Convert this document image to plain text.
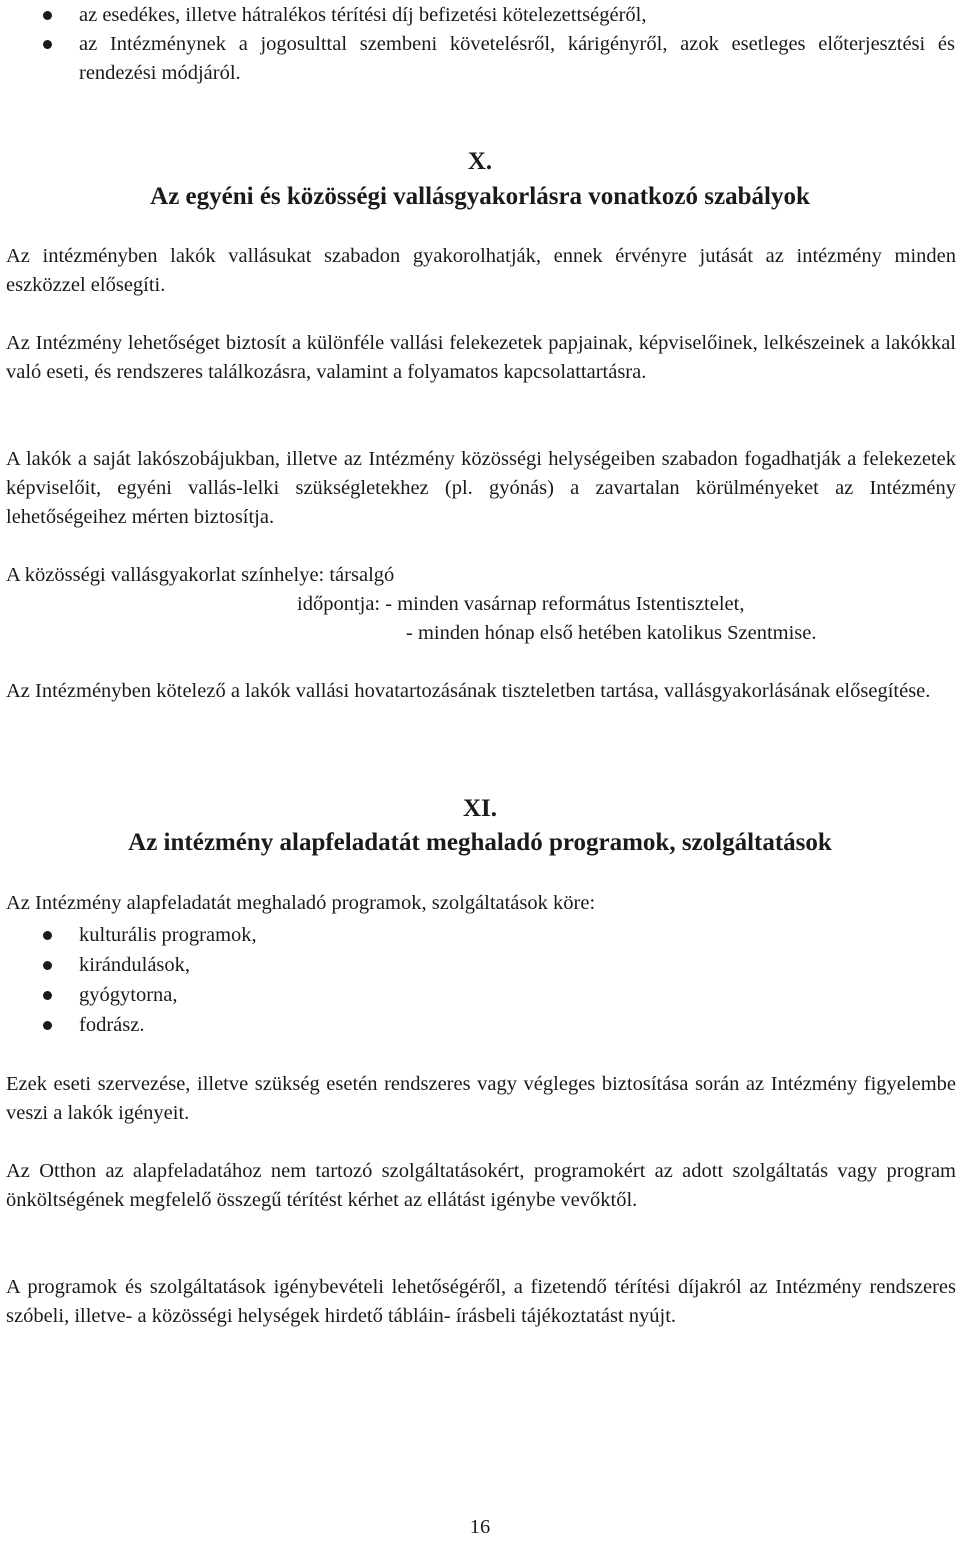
az esedékes, illetve hátralékos térítési díj befizetési kötelezettségéről,
az Intézménynek a jogosulttal szembeni követelésről, kárigényről, azok esetleges előterjesztési és rendezési módjáról.
X.
Az egyéni és közösségi vallásgyakorlásra vonatkozó szabályok

Az intézményben lakók vallásukat szabadon gyakorolhatják, ennek érvényre jutását az intézmény minden eszközzel elősegíti.

Az Intézmény lehetőséget biztosít a különféle vallási felekezetek papjainak, képviselőinek, lelkészeinek a lakókkal való eseti, és rendszeres találkozásra, valamint a folyamatos kapcsolattartásra.

A lakók a saját lakószobájukban, illetve az Intézmény közösségi helységeiben szabadon fogadhatják a felekezetek képviselőit, egyéni vallás-lelki szükségletekhez (pl. gyónás) a zavartalan körülményeket az Intézmény lehetőségeihez mérten biztosítja.

A közösségi vallásgyakorlat színhelye: társalgó
időpontja: - minden vasárnap református Istentisztelet,
- minden hónap első hetében katolikus Szentmise.

Az Intézményben kötelező a lakók vallási hovatartozásának tiszteletben tartása, vallásgyakorlásának elősegítése.

XI.
Az intézmény alapfeladatát meghaladó programok, szolgáltatások

Az Intézmény alapfeladatát meghaladó programok, szolgáltatások köre:

kulturális programok,
kirándulások,
gyógytorna,
fodrász.

Ezek eseti szervezése, illetve szükség esetén rendszeres vagy végleges biztosítása során az Intézmény figyelembe veszi a lakók igényeit.

Az Otthon az alapfeladatához nem tartozó szolgáltatásokért, programokért az adott szolgáltatás vagy program önköltségének megfelelő összegű térítést kérhet az ellátást igénybe vevőktől.

A programok és szolgáltatások igénybevételi lehetőségéről, a fizetendő térítési díjakról az Intézmény rendszeres szóbeli, illetve- a közösségi helységek hirdető tábláin- írásbeli tájékoztatást nyújt.

16
